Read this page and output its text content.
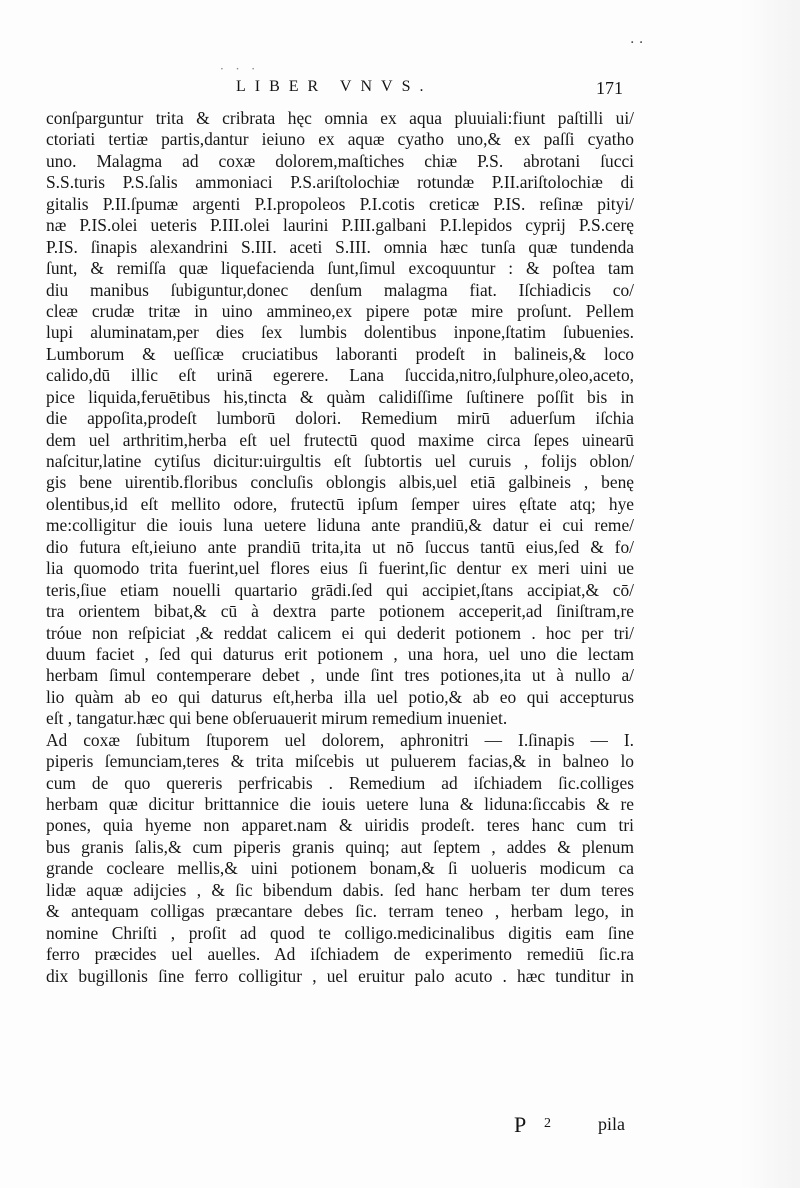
· · ·
. .
LIBER VNVS.	171
conſparguntur trita & cribrata hęc omnia ex aqua pluuiali:fiunt paſtilli ui/
ctoriati tertiæ partis,dantur ieiuno ex aquæ cyatho uno,& ex paſſi cyatho
uno. Malagma ad coxæ dolorem,maſtiches chiæ P.S. abrotani ſucci
S.S.turis P.S.ſalis ammoniaci P.S.ariſtolochiæ rotundæ P.II.ariſtolochiæ di
gitalis P.II.ſpumæ argenti P.I.propoleos P.I.cotis creticæ P.IS. reſinæ pityi/
næ P.IS.olei ueteris P.III.olei laurini P.III.galbani P.I.lepidos cyprij P.S.cerę
P.IS. ſinapis alexandrini S.III. aceti S.III. omnia hæc tunſa quæ tundenda
ſunt, & remiſſa quæ liquefacienda ſunt,ſimul excoquuntur : & poſtea tam
diu manibus ſubiguntur,donec denſum malagma fiat. Iſchiadicis co/
cleæ crudæ tritæ in uino ammineo,ex pipere potæ mire proſunt. Pellem
lupi aluminatam,per dies ſex lumbis dolentibus inpone,ſtatim ſubuenies.
Lumborum & ueſſicæ cruciatibus laboranti prodeſt in balineis,& loco
calido,dū illic eſt urinā egerere. Lana ſuccida,nitro,ſulphure,oleo,aceto,
pice liquida,feruētibus his,tincta & quàm calidiſſime ſuſtinere poſſit bis in
die appoſita,prodeſt lumborū dolori. Remedium mirū aduerſum iſchia
dem uel arthritim,herba eſt uel frutectū quod maxime circa ſepes uinearū
naſcitur,latine cytiſus dicitur:uirgultis eſt ſubtortis uel curuis , folijs oblon/
gis bene uirentib.floribus concluſis oblongis albis,uel etiā galbineis , benę
olentibus,id eſt mellito odore, frutectū ipſum ſemper uires ęſtate atq; hye
me:colligitur die iouis luna uetere liduna ante prandiū,& datur ei cui reme/
dio futura eſt,ieiuno ante prandiū trita,ita ut nō ſuccus tantū eius,ſed & fo/
lia quomodo trita fuerint,uel flores eius ſi fuerint,ſic dentur ex meri uini ue
teris,ſiue etiam nouelli quartario grādi.ſed qui accipiet,ſtans accipiat,& cō/
tra orientem bibat,& cū à dextra parte potionem acceperit,ad ſiniſtram,re
tróue non reſpiciat ,& reddat calicem ei qui dederit potionem . hoc per tri/
duum faciet , ſed qui daturus erit potionem , una hora, uel uno die lectam
herbam ſimul contemperare debet , unde ſint tres potiones,ita ut à nullo a/
lio quàm ab eo qui daturus eſt,herba illa uel potio,& ab eo qui accepturus
eſt , tangatur.hæc qui bene obſeruauerit mirum remedium inueniet.
Ad coxæ ſubitum ſtuporem uel dolorem, aphronitri — I.ſinapis — I.
piperis ſemunciam,teres & trita miſcebis ut puluerem facias,& in balneo lo
cum de quo quereris perfricabis . Remedium ad iſchiadem ſic.colliges
herbam quæ dicitur brittannice die iouis uetere luna & liduna:ſiccabis & re
pones, quia hyeme non apparet.nam & uiridis prodeſt. teres hanc cum tri
bus granis ſalis,& cum piperis granis quinq; aut ſeptem , addes & plenum
grande cocleare mellis,& uini potionem bonam,& ſi uolueris modicum ca
lidæ aquæ adijcies , & ſic bibendum dabis. ſed hanc herbam ter dum teres
& antequam colligas præcantare debes ſic. terram teneo , herbam lego, in
nomine Chriſti , proſit ad quod te colligo.medicinalibus digitis eam ſine
ferro præcides uel auelles. Ad iſchiadem de experimento remediū ſic.ra
dix bugillonis ſine ferro colligitur , uel eruitur palo acuto . hæc tunditur in
P 2	pila
